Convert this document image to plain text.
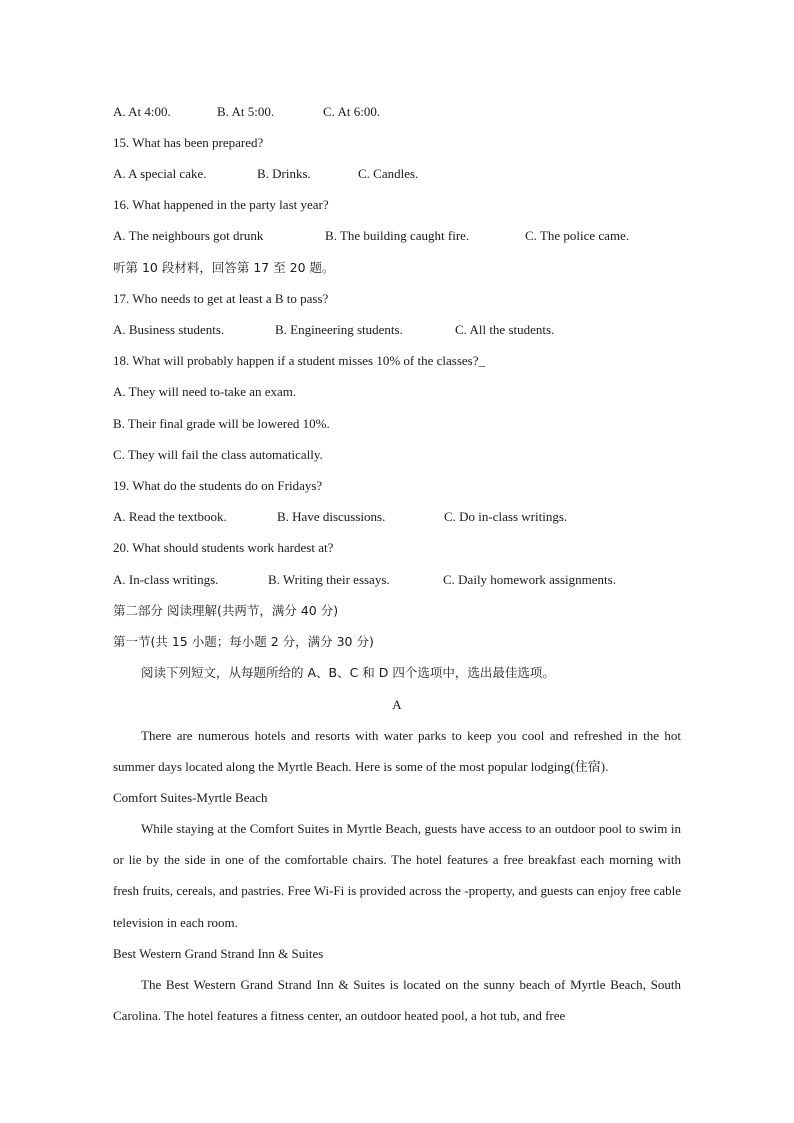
A. At 4:00.	B. At 5:00.	C. At 6:00.
15. What has been prepared?
A. A special cake.	B. Drinks.	C. Candles.
16. What happened in the party last year?
A. The neighbours got drunk	B. The building caught fire.	C. The police came.
听第 10 段材料，回答第 17 至 20 题。
17. Who needs to get at least a B to pass?
A. Business students.	B. Engineering students.	C. All the students.
18. What will probably happen if a student misses 10% of the classes?_
A. They will need to-take an exam.
B. Their final grade will be lowered 10%.
C. They will fail the class automatically.
19. What do the students do on Fridays?
A. Read the textbook.	B. Have discussions.	C. Do in-class writings.
20. What should students work hardest at?
A. In-class writings.	B. Writing their essays.	C. Daily homework assignments.
第二部分 阅读理解(共两节，满分 40 分)
第一节(共 15 小题；每小题 2 分，满分 30 分)
阅读下列短文，从每题所给的 A、B、C 和 D 四个选项中，选出最佳选项。
A
There are numerous hotels and resorts with water parks to keep you cool and refreshed in the hot summer days located along the Myrtle Beach. Here is some of the most popular lodging(住宿).
Comfort Suites-Myrtle Beach
While staying at the Comfort Suites in Myrtle Beach, guests have access to an outdoor pool to swim in or lie by the side in one of the comfortable chairs. The hotel features a free breakfast each morning with fresh fruits, cereals, and pastries. Free Wi-Fi is provided across the -property, and guests can enjoy free cable television in each room.
Best Western Grand Strand Inn & Suites
The Best Western Grand Strand Inn & Suites is located on the sunny beach of Myrtle Beach, South Carolina. The hotel features a fitness center, an outdoor heated pool, a hot tub, and free
